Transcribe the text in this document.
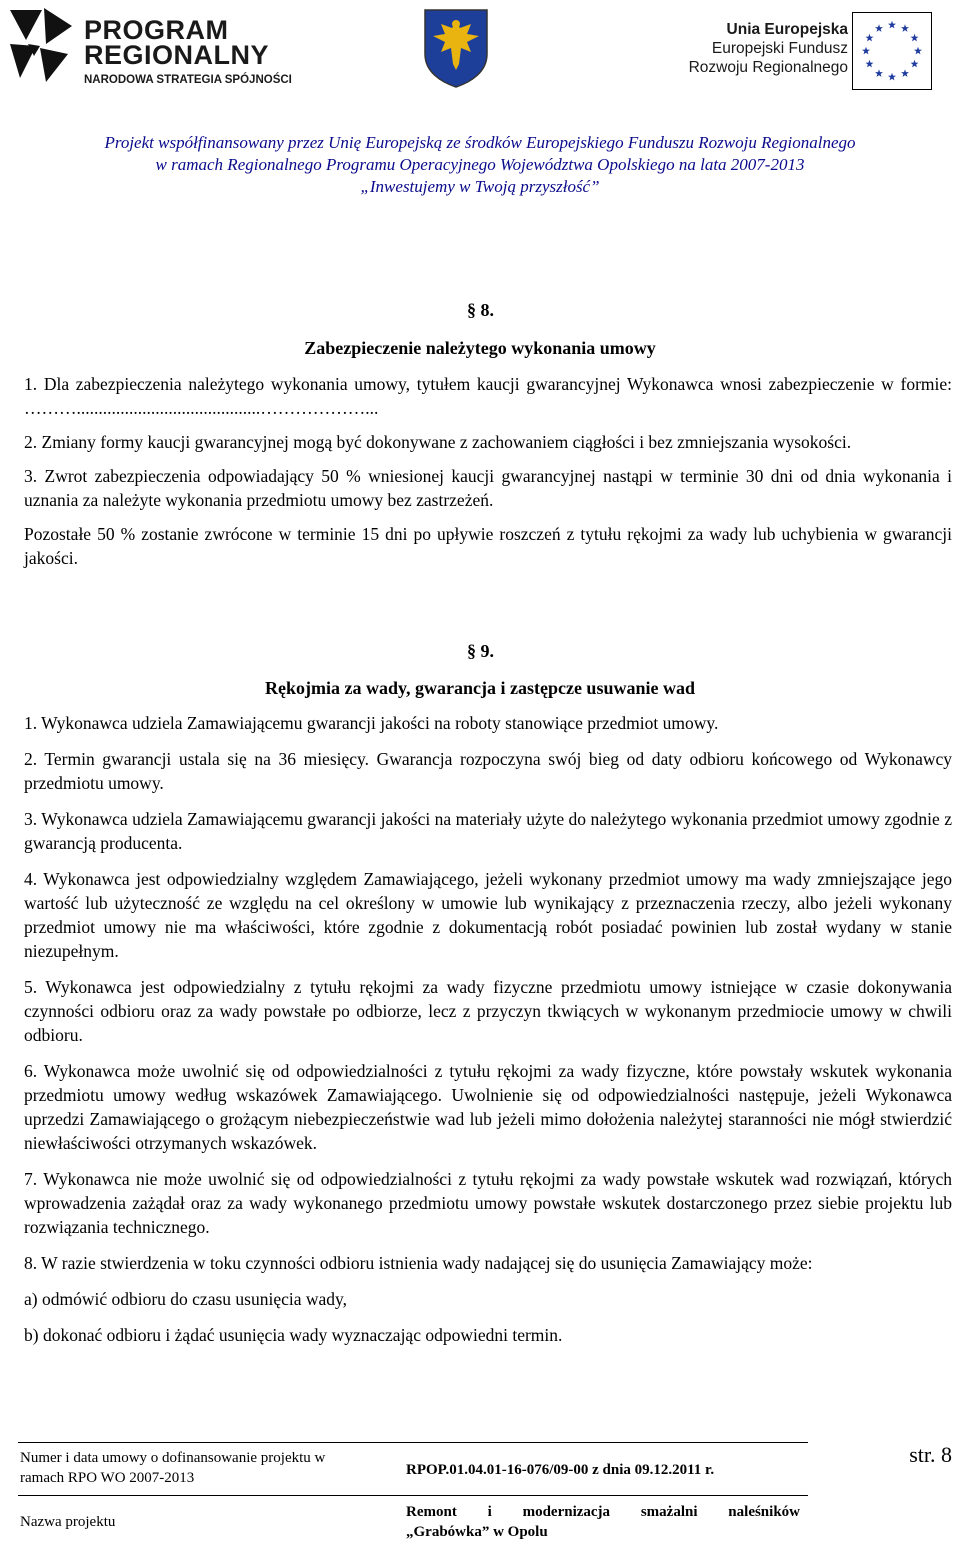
PROGRAM
REGIONALNY
NARODOWA STRATEGIA SPÓJNOŚCI
Unia Europejska
Europejski Fundusz
Rozwoju Regionalnego
Projekt współfinansowany przez Unię Europejską ze środków Europejskiego Funduszu Rozwoju Regionalnego
w ramach Regionalnego Programu Operacyjnego Województwa Opolskiego na lata 2007-2013
„Inwestujemy w Twoją przyszłość”
§ 8.
Zabezpieczenie należytego wykonania umowy

1. Dla zabezpieczenia należytego wykonania umowy, tytułem kaucji gwarancyjnej Wykonawca wnosi zabezpieczenie w formie: ………..........................................………………...

2. Zmiany formy kaucji gwarancyjnej mogą być dokonywane z zachowaniem ciągłości i bez zmniejszania wysokości.

3. Zwrot zabezpieczenia odpowiadający 50 % wniesionej kaucji gwarancyjnej nastąpi w terminie 30 dni od dnia wykonania i uznania za należyte wykonania przedmiotu umowy bez zastrzeżeń.

Pozostałe 50 % zostanie zwrócone w terminie 15 dni po upływie roszczeń z tytułu rękojmi za wady lub uchybienia w gwarancji jakości.

§ 9.
Rękojmia za wady, gwarancja i zastępcze usuwanie wad

1. Wykonawca udziela Zamawiającemu gwarancji jakości na roboty stanowiące przedmiot umowy.

2. Termin gwarancji ustala się na 36 miesięcy. Gwarancja rozpoczyna swój bieg od daty odbioru końcowego od Wykonawcy przedmiotu umowy.

3. Wykonawca udziela Zamawiającemu gwarancji jakości na materiały użyte do należytego wykonania przedmiot umowy zgodnie z gwarancją producenta.

4. Wykonawca jest odpowiedzialny względem Zamawiającego, jeżeli wykonany przedmiot umowy ma wady zmniejszające jego wartość lub użyteczność ze względu na cel określony w umowie lub wynikający z przeznaczenia rzeczy, albo jeżeli wykonany przedmiot umowy nie ma właściwości, które zgodnie z dokumentacją robót posiadać powinien lub został wydany w stanie niezupełnym.

5. Wykonawca jest odpowiedzialny z tytułu rękojmi za wady fizyczne przedmiotu umowy istniejące w czasie dokonywania czynności odbioru oraz za wady powstałe po odbiorze, lecz z przyczyn tkwiących w wykonanym przedmiocie umowy w chwili odbioru.

6. Wykonawca może uwolnić się od odpowiedzialności z tytułu rękojmi za wady fizyczne, które powstały wskutek wykonania przedmiotu umowy według wskazówek Zamawiającego. Uwolnienie się od odpowiedzialności następuje, jeżeli Wykonawca uprzedzi Zamawiającego o grożącym niebezpieczeństwie wad lub jeżeli mimo dołożenia należytej staranności nie mógł stwierdzić niewłaściwości otrzymanych wskazówek.

7. Wykonawca nie może uwolnić się od odpowiedzialności z tytułu rękojmi za wady powstałe wskutek wad rozwiązań, których wprowadzenia zażądał oraz za wady wykonanego przedmiotu umowy powstałe wskutek dostarczonego przez siebie projektu lub rozwiązania technicznego.

8. W razie stwierdzenia w toku czynności odbioru istnienia wady nadającej się do usunięcia Zamawiający może:

a) odmówić odbioru do czasu usunięcia wady,

b) dokonać odbioru i żądać usunięcia wady wyznaczając odpowiedni termin.

Numer i data umowy o dofinansowanie projektu w
ramach RPO WO 2007-2013	RPOP.01.04.01-16-076/09-00 z dnia 09.12.2011 r.
Nazwa projektu
Remont i modernizacja smażalni naleśników
„Grabówka” w Opolu
str. 8
